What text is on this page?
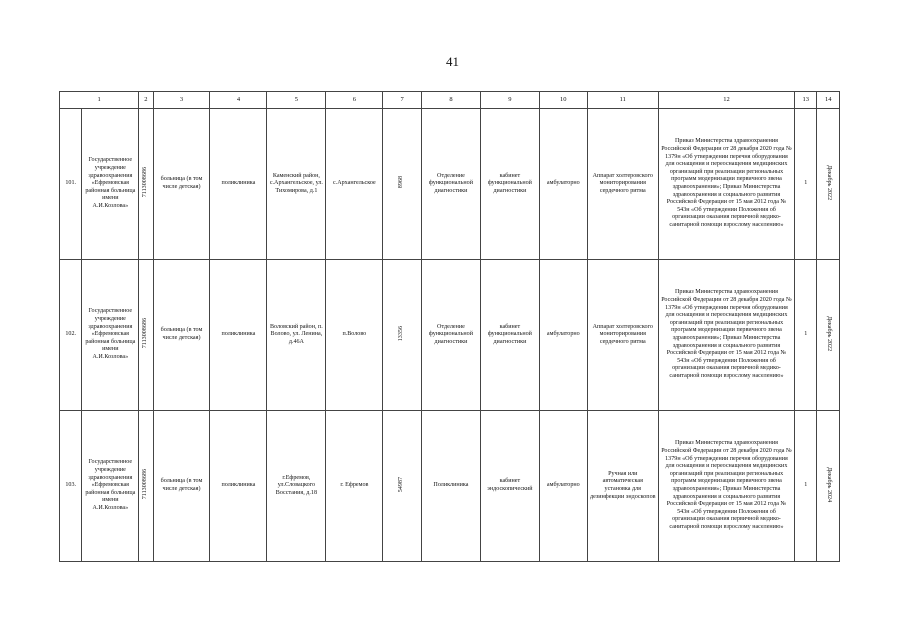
41
1		2	3	4	5	6	7	8	9	10	11	12	13	14
101.	Государственное учреждение здравоохранения «Ефремовская районная больница имени А.И.Козлова»	7113008686	больница (в том числе детская)	поликлиника	Каменский район, с.Архангельское, ул. Тихомирова, д.1	с.Архангельское	8968	Отделение функциональной диагностики	кабинет функциональной диагностики	амбулаторно	Аппарат холтеровского мониторирования сердечного ритма	Приказ Министерства здравоохранения Российской Федерации от 28 декабря 2020 года № 1379н «Об утверждении перечня оборудования для оснащения и переоснащения медицинских организаций при реализации региональных программ модернизации первичного звена здравоохранения»; Приказ Министерства здравоохранения и социального развития Российской Федерации от 15 мая 2012 года № 543н «Об утверждении Положения об организации оказания первичной медико-санитарной помощи взрослому населению»	1	Декабрь 2022
102.	Государственное учреждение здравоохранения «Ефремовская районная больница имени А.И.Козлова»	7113008686	больница (в том числе детская)	поликлиника	Воловский район, п. Волово, ул. Ленина, д.46А	п.Волово	13356	Отделение функциональной диагностики	кабинет функциональной диагностики	амбулаторно	Аппарат холтеровского мониторирования сердечного ритма	Приказ Министерства здравоохранения Российской Федерации от 28 декабря 2020 года № 1379н «Об утверждении перечня оборудования для оснащения и переоснащения медицинских организаций при реализации региональных программ модернизации первичного звена здравоохранения»; Приказ Министерства здравоохранения и социального развития Российской Федерации от 15 мая 2012 года № 543н «Об утверждении Положения об организации оказания первичной медико-санитарной помощи взрослому населению»	1	Декабрь 2022
103.	Государственное учреждение здравоохранения «Ефремовская районная больница имени А.И.Козлова»	7113008686	больница (в том числе детская)	поликлиника	г.Ефремов, ул.Словацкого Восстания, д.18	г. Ефремов	54987	Поликлиника	кабинет эндоскопический	амбулаторно	Ручная или автоматическая установка для дезинфекции эндоскопов	Приказ Министерства здравоохранения Российской Федерации от 28 декабря 2020 года № 1379н «Об утверждении перечня оборудования для оснащения и переоснащения медицинских организаций при реализации региональных программ модернизации первичного звена здравоохранения»; Приказ Министерства здравоохранения и социального развития Российской Федерации от 15 мая 2012 года № 543н «Об утверждении Положения об организации оказания первичной медико-санитарной помощи взрослому населению»	1	Декабрь 2024
